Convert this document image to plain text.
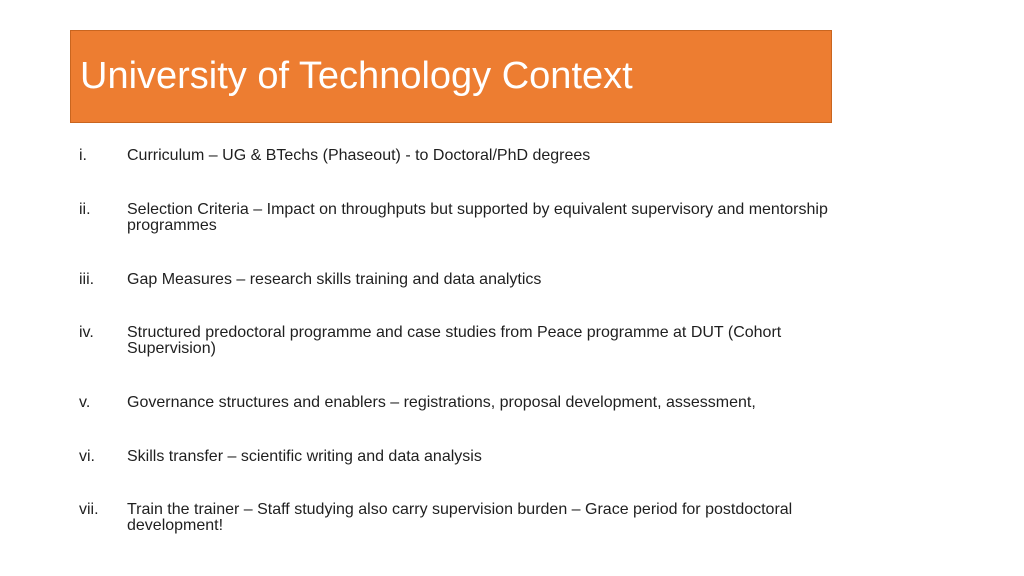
University of Technology Context
i.	Curriculum – UG & BTechs (Phaseout) - to Doctoral/PhD degrees
ii.	Selection Criteria – Impact on throughputs but supported by equivalent supervisory and mentorship programmes
iii.	Gap Measures – research skills training and data analytics
iv.	Structured predoctoral programme and case studies from Peace programme at DUT (Cohort Supervision)
v.	Governance structures and enablers – registrations, proposal development, assessment,
vi.	Skills transfer – scientific writing and data analysis
vii.	Train the trainer – Staff studying also carry supervision burden – Grace period for postdoctoral development!
